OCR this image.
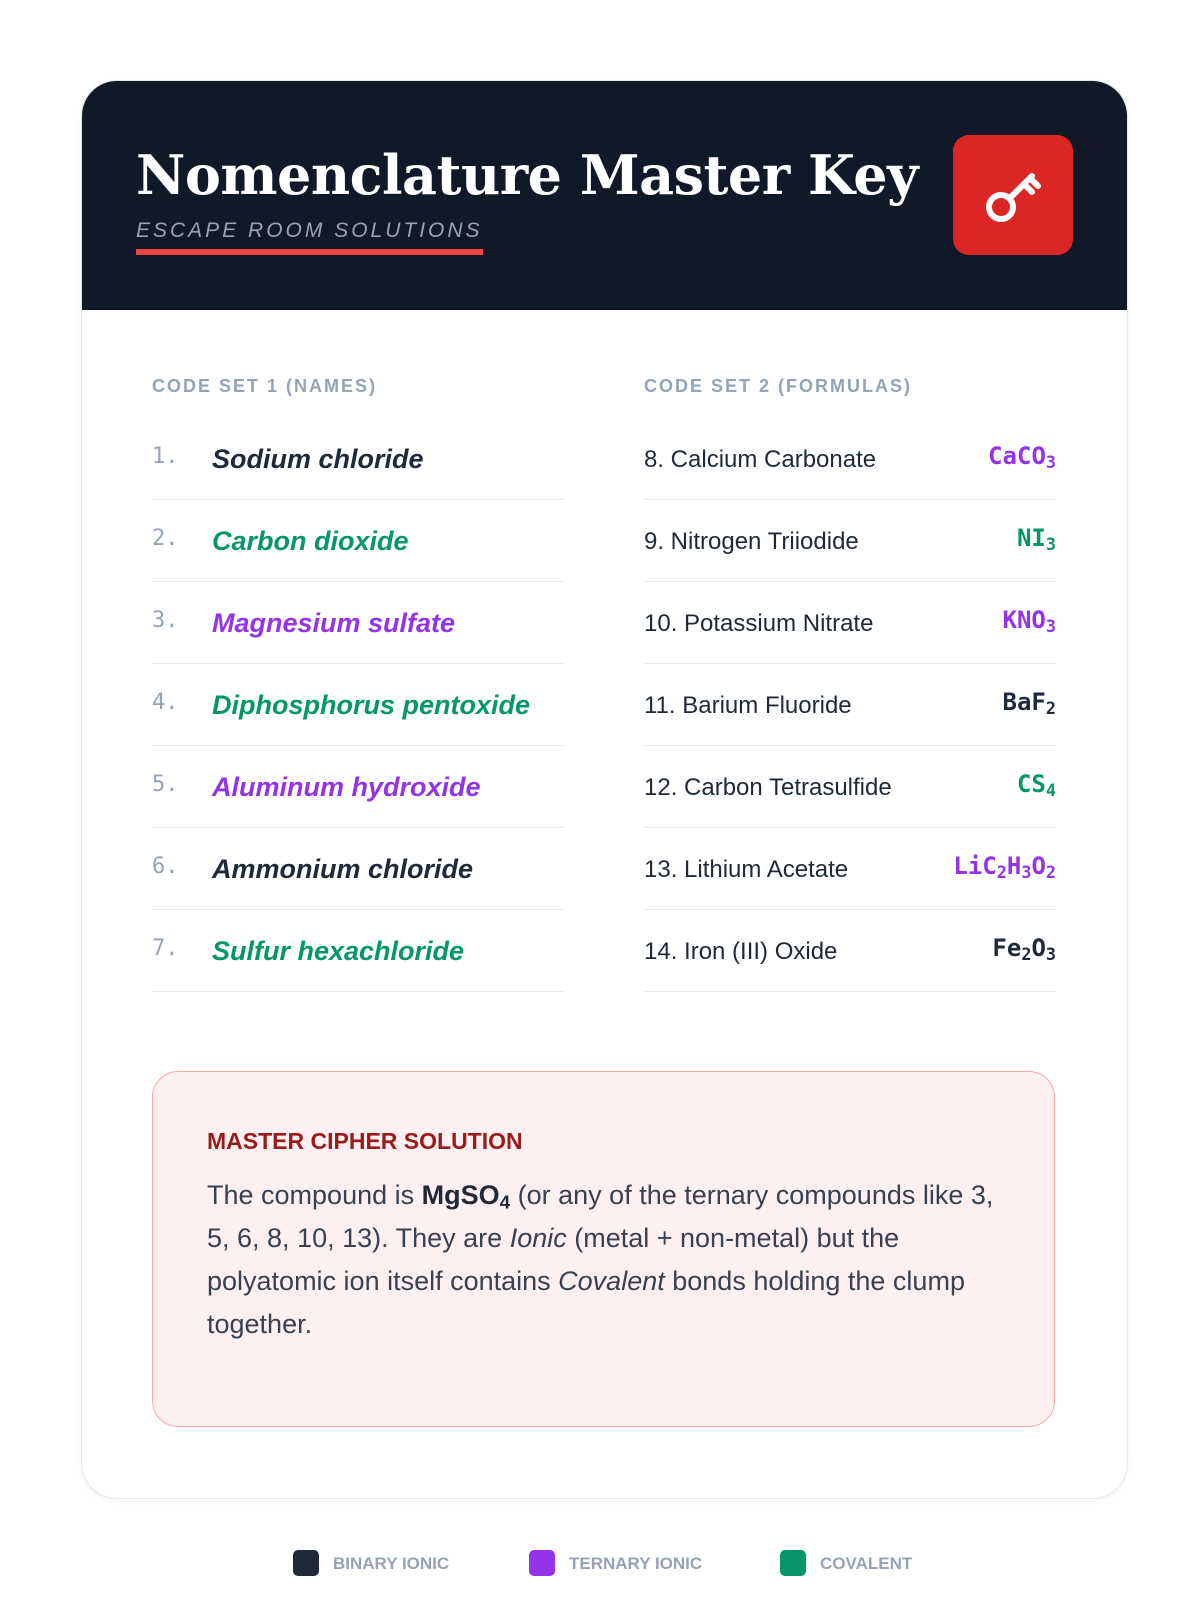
Nomenclature Master Key

ESCAPE ROOM SOLUTIONS

CODE SET 1 (NAMES)	CODE SET 2 (FORMULAS)

1.	Sodium chloride
2.	Carbon dioxide
3.	Magnesium sulfate
4.	Diphosphorus pentoxide
5.	Aluminum hydroxide
6.	Ammonium chloride
7.	Sulfur hexachloride
8. Calcium Carbonate	CaCO$_3$
9. Nitrogen Triiodide	$NI_3$
10. Potassium Nitrate	$KNO_3$
11. Barium Fluoride	BaF$_2$
12. Carbon Tetrasulfide	$CS_4$
13. Lithium Acetate	$LiC_2H_3O_2$
14. Iron (III) Oxide	$Fe_2O_3$

MASTER CIPHER SOLUTION

The compound is MgSO$_4$ (or any of the ternary compounds like 3, 5, 6, 8, 10, 13). They are Ionic (metal + non-metal) but the polyatomic ion itself contains Covalent bonds holding the clump together.

BINARY IONIC	TERNARY IONIC	COVALENT
